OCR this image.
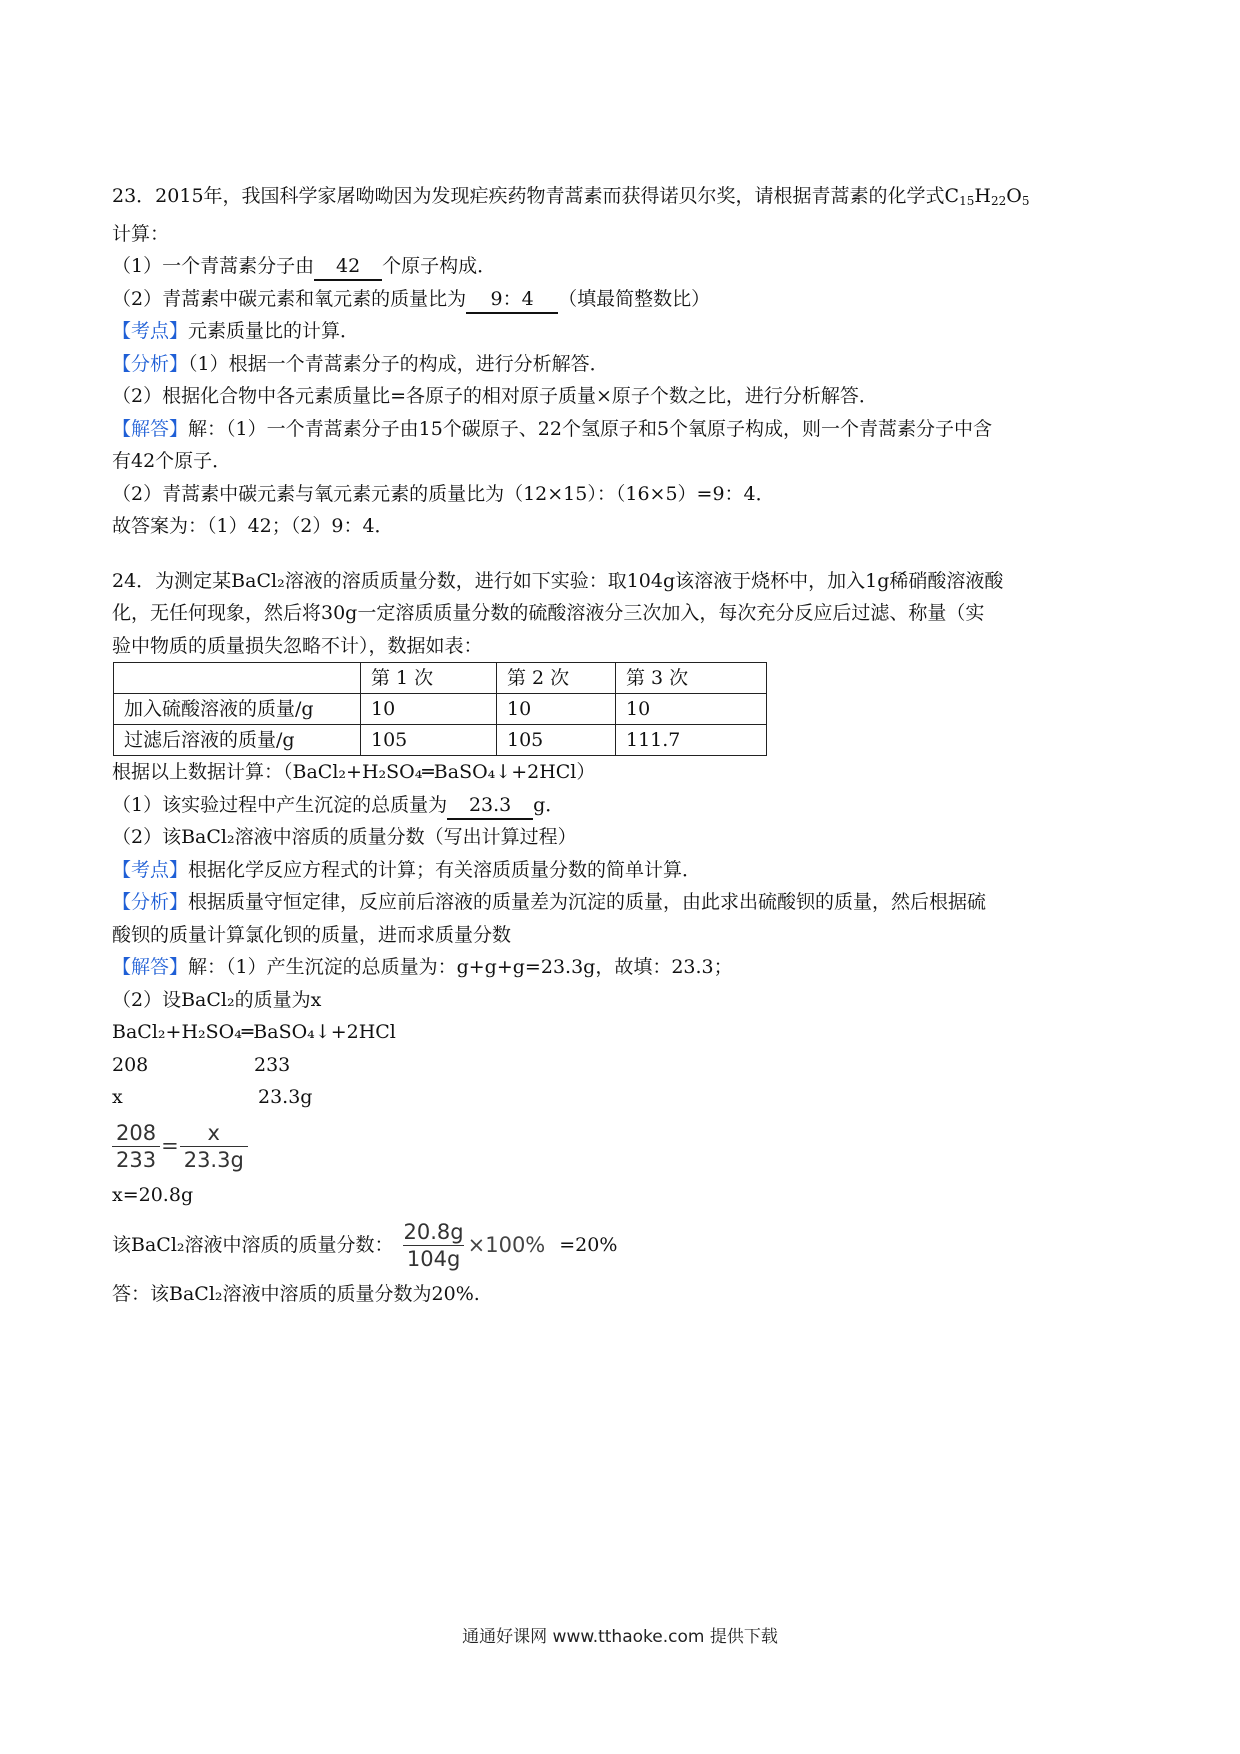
23．2015年，我国科学家屠呦呦因为发现疟疾药物青蒿素而获得诺贝尔奖，请根据青蒿素的化学式$C_{15}H_{22}O_5$
计算：
（1）一个青蒿素分子由 42 个原子构成．
（2）青蒿素中碳元素和氧元素的质量比为 9：4 （填最简整数比）
【考点】元素质量比的计算．
【分析】（1）根据一个青蒿素分子的构成，进行分析解答．
（2）根据化合物中各元素质量比=各原子的相对原子质量×原子个数之比，进行分析解答．
【解答】解：（1）一个青蒿素分子由15个碳原子、22个氢原子和5个氧原子构成，则一个青蒿素分子中含
有42个原子．
（2）青蒿素中碳元素与氧元素元素的质量比为（12×15）：（16×5）=9：4．
故答案为：（1）42；（2）9：4．
24．为测定某BaCl₂溶液的溶质质量分数，进行如下实验：取104g该溶液于烧杯中，加入1g稀硝酸溶液酸
化，无任何现象，然后将30g一定溶质质量分数的硫酸溶液分三次加入，每次充分反应后过滤、称量（实
验中物质的质量损失忽略不计），数据如表：
	第 1 次	第 2 次	第 3 次
加入硫酸溶液的质量/g	10	10	10
过滤后溶液的质量/g	105	105	111.7
根据以上数据计算：（BaCl₂+H₂SO₄═BaSO₄↓+2HCl）
（1）该实验过程中产生沉淀的总质量为 23.3 g．
（2）该BaCl₂溶液中溶质的质量分数（写出计算过程）
【考点】根据化学反应方程式的计算；有关溶质质量分数的简单计算．
【分析】根据质量守恒定律，反应前后溶液的质量差为沉淀的质量，由此求出硫酸钡的质量，然后根据硫
酸钡的质量计算氯化钡的质量，进而求质量分数
【解答】解：（1）产生沉淀的总质量为：g+g+g=23.3g，故填：23.3；
（2）设BaCl₂的质量为x
BaCl₂+H₂SO₄═BaSO₄↓+2HCl
208	233
x	23.3g
$\frac{208}{233} = \frac{x}{23.3g}$
x=20.8g
该BaCl₂溶液中溶质的质量分数： $\frac{20.8g}{104g} \times 100\% =20\%$
答：该BaCl₂溶液中溶质的质量分数为20%.
通通好课网 www.tthaoke.com 提供下载
